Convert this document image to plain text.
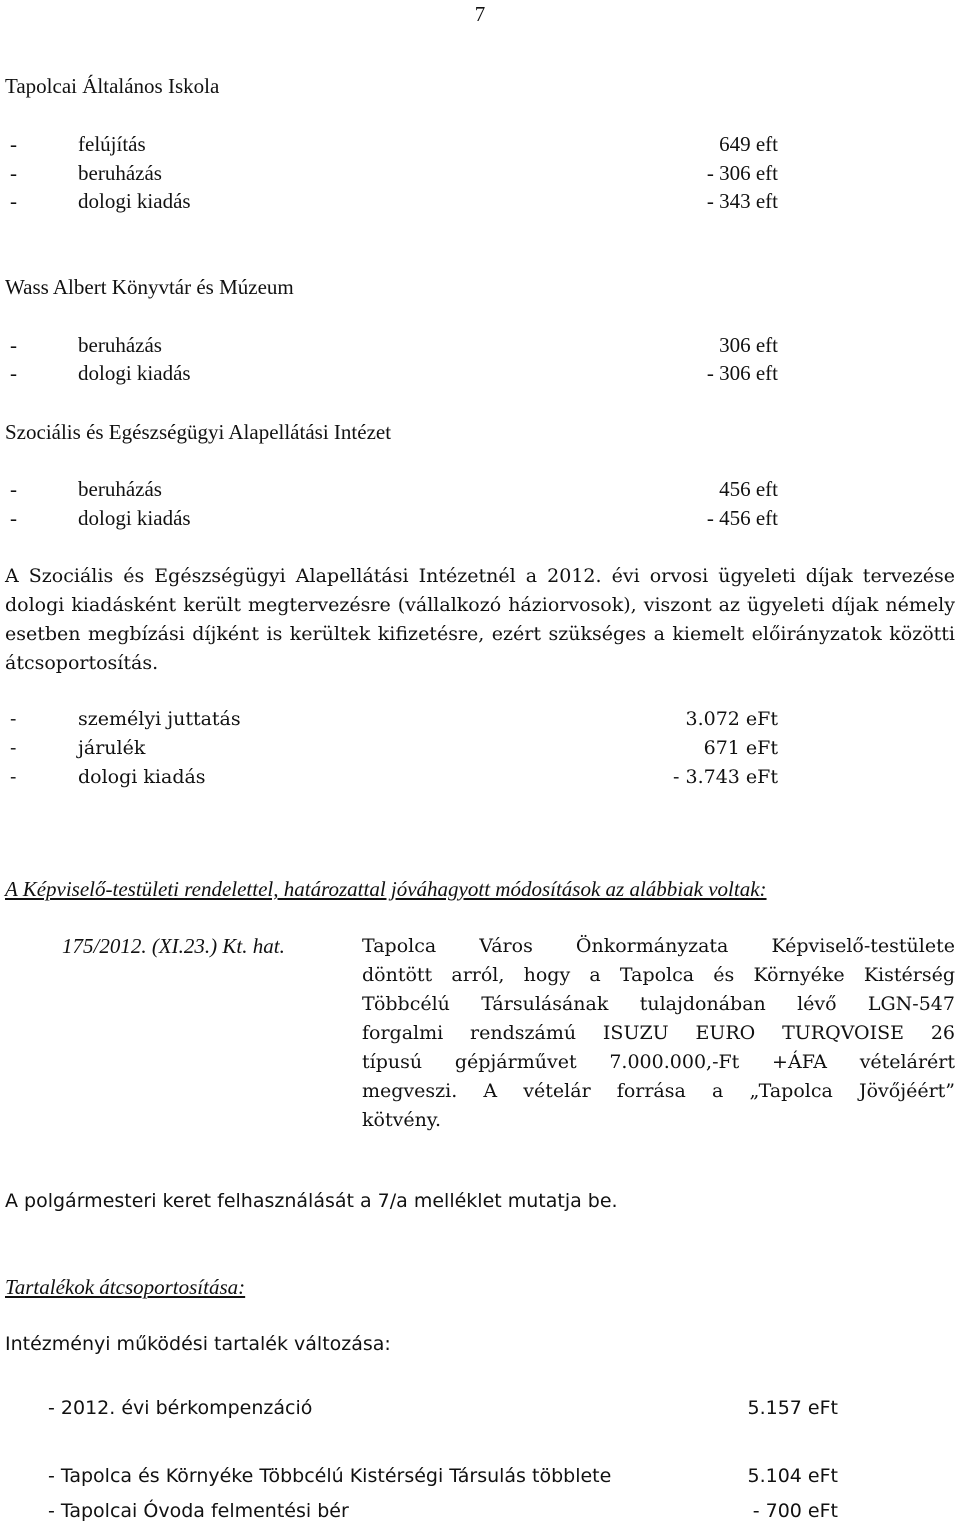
7
Tapolcai Általános Iskola
-	felújítás	649 eft
-	beruházás	- 306 eft
-	dologi kiadás	- 343 eft
Wass Albert Könyvtár és Múzeum
-	beruházás	306 eft
-	dologi kiadás	- 306 eft
Szociális és Egészségügyi Alapellátási Intézet
-	beruházás	456 eft
-	dologi kiadás	- 456 eft
A Szociális és Egészségügyi Alapellátási Intézetnél a 2012. évi orvosi ügyeleti díjak tervezése dologi kiadásként került megtervezésre (vállalkozó háziorvosok), viszont az ügyeleti díjak némely esetben megbízási díjként is kerültek kifizetésre, ezért szükséges a kiemelt előirányzatok közötti átcsoportosítás.
-	személyi juttatás	3.072 eFt
-	járulék	671 eFt
-	dologi kiadás	- 3.743 eFt
A Képviselő-testületi rendelettel, határozattal jóváhagyott módosítások az alábbiak voltak:
175/2012. (XI.23.) Kt. hat.	Tapolca Város Önkormányzata Képviselő-testülete
döntött arról, hogy a Tapolca és Környéke Kistérség
Többcélú Társulásának tulajdonában lévő LGN-547
forgalmi rendszámú ISUZU EURO TURQVOISE 26
típusú gépjárművet 7.000.000,-Ft +ÁFA vételárért
megveszi. A vételár forrása a „Tapolca Jövőjéért”
kötvény.
A polgármesteri keret felhasználását a 7/a melléklet mutatja be.
Tartalékok átcsoportosítása:
Intézményi működési tartalék változása:
- 2012. évi bérkompenzáció	5.157 eFt
- Tapolca és Környéke Többcélú Kistérségi Társulás többlete	5.104 eFt
- Tapolcai Óvoda felmentési bér	- 700 eFt
